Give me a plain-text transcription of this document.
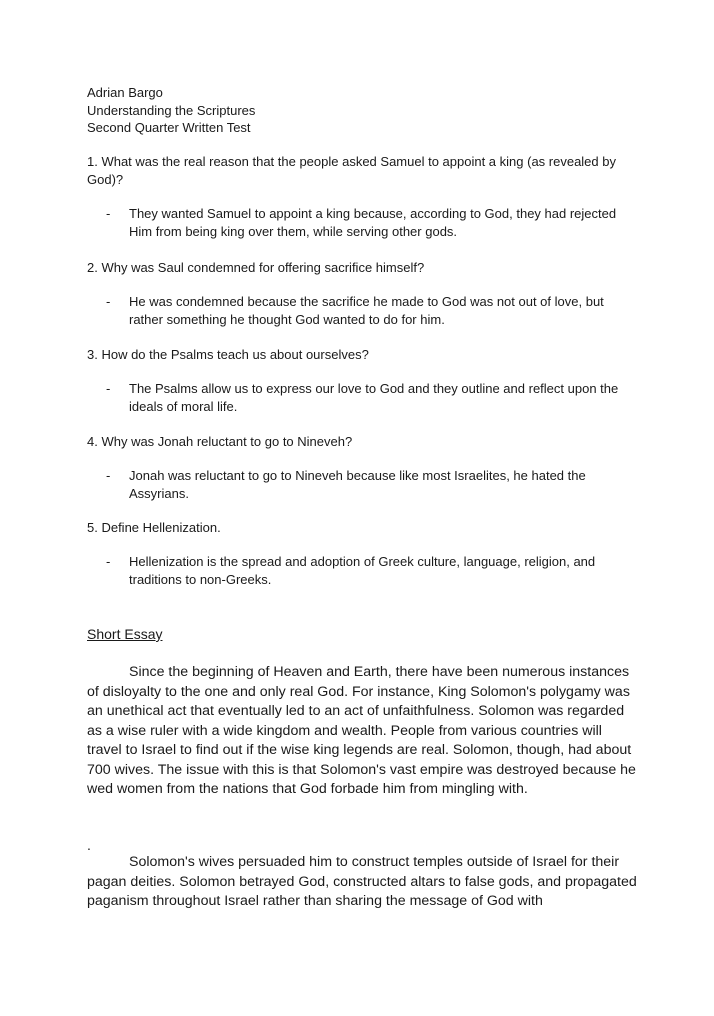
Adrian Bargo
Understanding the Scriptures
Second Quarter Written Test

1. What was the real reason that the people asked Samuel to appoint a king (as revealed by God)?

- They wanted Samuel to appoint a king because, according to God, they had rejected Him from being king over them, while serving other gods.

2. Why was Saul condemned for offering sacrifice himself?

- He was condemned because the sacrifice he made to God was not out of love, but rather something he thought God wanted to do for him.

3. How do the Psalms teach us about ourselves?

- The Psalms allow us to express our love to God and they outline and reflect upon the ideals of moral life.

4. Why was Jonah reluctant to go to Nineveh?

- Jonah was reluctant to go to Nineveh because like most Israelites, he hated the Assyrians.

5. Define Hellenization.

- Hellenization is the spread and adoption of Greek culture, language, religion, and traditions to non-Greeks.
Short Essay

Since the beginning of Heaven and Earth, there have been numerous instances of disloyalty to the one and only real God. For instance, King Solomon's polygamy was an unethical act that eventually led to an act of unfaithfulness. Solomon was regarded as a wise ruler with a wide kingdom and wealth. People from various countries will travel to Israel to find out if the wise king legends are real. Solomon, though, had about 700 wives. The issue with this is that Solomon's vast empire was destroyed because he wed women from the nations that God forbade him from mingling with.

.

Solomon's wives persuaded him to construct temples outside of Israel for their pagan deities. Solomon betrayed God, constructed altars to false gods, and propagated paganism throughout Israel rather than sharing the message of God with
